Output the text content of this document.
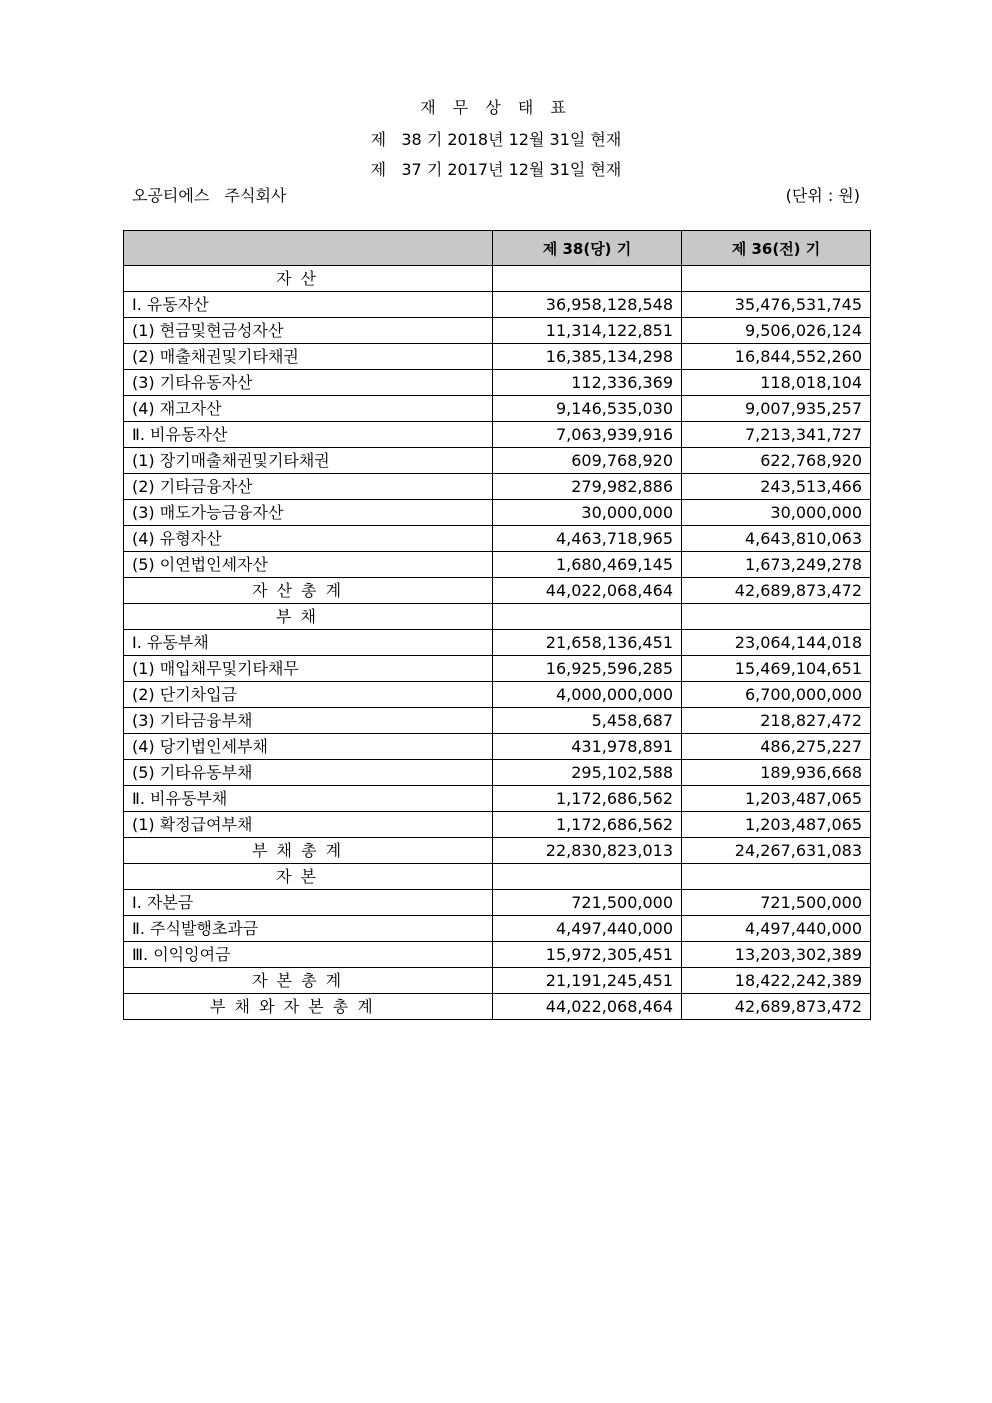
재 무 상 태 표
제   38 기 2018년 12월 31일 현재
제   37 기 2017년 12월 31일 현재
오공티에스   주식회사	(단위 : 원)
	제 38(당) 기	제 36(전) 기
자 산		
Ⅰ. 유동자산	36,958,128,548	35,476,531,745
(1) 현금및현금성자산	11,314,122,851	9,506,026,124
(2) 매출채권및기타채권	16,385,134,298	16,844,552,260
(3) 기타유동자산	112,336,369	118,018,104
(4) 재고자산	9,146,535,030	9,007,935,257
Ⅱ. 비유동자산	7,063,939,916	7,213,341,727
(1) 장기매출채권및기타채권	609,768,920	622,768,920
(2) 기타금융자산	279,982,886	243,513,466
(3) 매도가능금융자산	30,000,000	30,000,000
(4) 유형자산	4,463,718,965	4,643,810,063
(5) 이연법인세자산	1,680,469,145	1,673,249,278
자 산 총 계	44,022,068,464	42,689,873,472
부 채		
Ⅰ. 유동부채	21,658,136,451	23,064,144,018
(1) 매입채무및기타채무	16,925,596,285	15,469,104,651
(2) 단기차입금	4,000,000,000	6,700,000,000
(3) 기타금융부채	5,458,687	218,827,472
(4) 당기법인세부채	431,978,891	486,275,227
(5) 기타유동부채	295,102,588	189,936,668
Ⅱ. 비유동부채	1,172,686,562	1,203,487,065
(1) 확정급여부채	1,172,686,562	1,203,487,065
부 채 총 계	22,830,823,013	24,267,631,083
자 본		
Ⅰ. 자본금	721,500,000	721,500,000
Ⅱ. 주식발행초과금	4,497,440,000	4,497,440,000
Ⅲ. 이익잉여금	15,972,305,451	13,203,302,389
자 본 총 계	21,191,245,451	18,422,242,389
부 채 와 자 본 총 계	44,022,068,464	42,689,873,472
